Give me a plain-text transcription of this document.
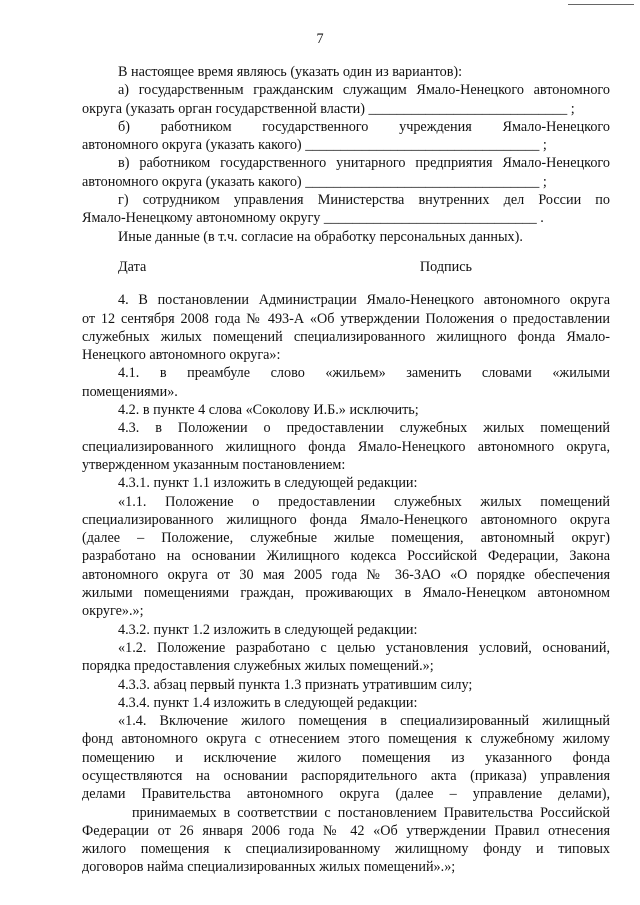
7

В настоящее время являюсь (указать один из вариантов):

а) государственным гражданским служащим Ямало-Ненецкого автономного

округа (указать орган государственной власти) ____________________________ ;

б) работником государственного учреждения Ямало-Ненецкого

автономного округа (указать какого) _________________________________ ;

в) работником государственного унитарного предприятия Ямало-Ненецкого

автономного округа (указать какого) _________________________________ ;

г) сотрудником управления Министерства внутренних дел России по

Ямало-Ненецкому автономному округу ______________________________ .

Иные данные (в т.ч. согласие на обработку персональных данных).

Дата	Подпись

4. В постановлении Администрации Ямало-Ненецкого автономного округа

от 12 сентября 2008 года № 493-А «Об утверждении Положения о предоставлении

служебных жилых помещений специализированного жилищного фонда Ямало-

Ненецкого автономного округа»:

4.1. в преамбуле слово «жильем» заменить словами «жилыми

помещениями».

4.2. в пункте 4 слова «Соколову И.Б.» исключить;

4.3. в Положении о предоставлении служебных жилых помещений

специализированного жилищного фонда Ямало-Ненецкого автономного округа,

утвержденном указанным постановлением:

4.3.1. пункт 1.1 изложить в следующей редакции:

«1.1. Положение о предоставлении служебных жилых помещений

специализированного жилищного фонда Ямало-Ненецкого автономного округа

(далее – Положение, служебные жилые помещения, автономный округ)

разработано на основании Жилищного кодекса Российской Федерации, Закона

автономного округа от 30 мая 2005 года № 36-ЗАО «О порядке обеспечения

жилыми помещениями граждан, проживающих в Ямало-Ненецком автономном

округе».»;

4.3.2. пункт 1.2 изложить в следующей редакции:

«1.2. Положение разработано с целью установления условий, оснований,

порядка предоставления служебных жилых помещений.»;

4.3.3. абзац первый пункта 1.3 признать утратившим силу;

4.3.4. пункт 1.4 изложить в следующей редакции:

«1.4. Включение жилого помещения в специализированный жилищный

фонд автономного округа с отнесением этого помещения к служебному жилому

помещению и исключение жилого помещения из указанного фонда

осуществляются на основании распорядительного акта (приказа) управления

делами Правительства автономного округа (далее – управление делами),

принимаемых в соответствии с постановлением Правительства Российской

Федерации от 26 января 2006 года № 42 «Об утверждении Правил отнесения

жилого помещения к специализированному жилищному фонду и типовых

договоров найма специализированных жилых помещений».»;
